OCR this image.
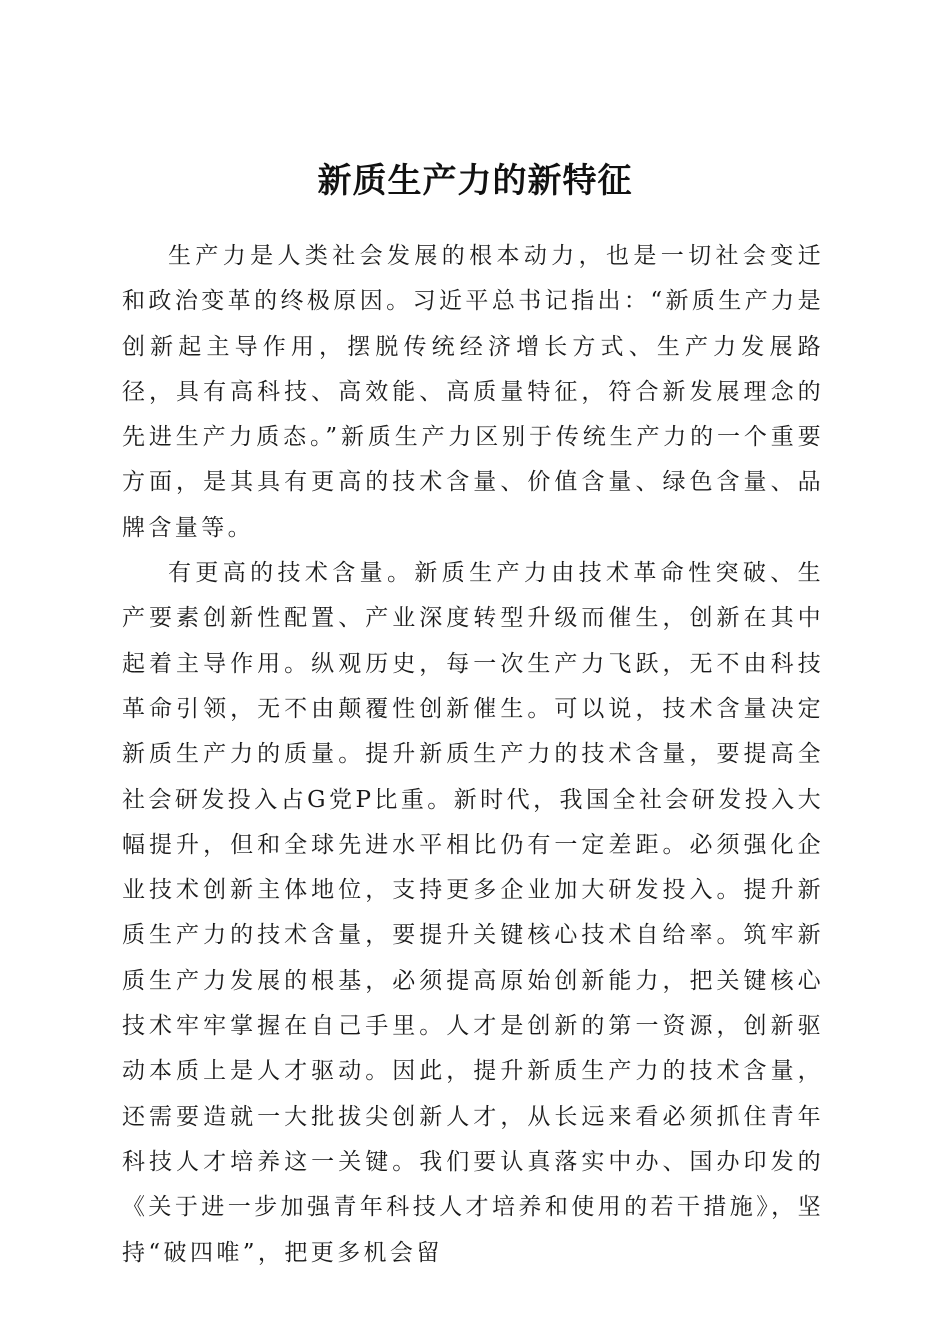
新质生产力的新特征

生产力是人类社会发展的根本动力，也是一切社会变迁和政治变革的终极原因。习近平总书记指出：“新质生产力是创新起主导作用，摆脱传统经济增长方式、生产力发展路径，具有高科技、高效能、高质量特征，符合新发展理念的先进生产力质态。”新质生产力区别于传统生产力的一个重要方面，是其具有更高的技术含量、价值含量、绿色含量、品牌含量等。

有更高的技术含量。新质生产力由技术革命性突破、生产要素创新性配置、产业深度转型升级而催生，创新在其中起着主导作用。纵观历史，每一次生产力飞跃，无不由科技革命引领，无不由颠覆性创新催生。可以说，技术含量决定新质生产力的质量。提升新质生产力的技术含量，要提高全社会研发投入占G党P比重。新时代，我国全社会研发投入大幅提升，但和全球先进水平相比仍有一定差距。必须强化企业技术创新主体地位，支持更多企业加大研发投入。提升新质生产力的技术含量，要提升关键核心技术自给率。筑牢新质生产力发展的根基，必须提高原始创新能力，把关键核心技术牢牢掌握在自己手里。人才是创新的第一资源，创新驱动本质上是人才驱动。因此，提升新质生产力的技术含量，还需要造就一大批拔尖创新人才，从长远来看必须抓住青年科技人才培养这一关键。我们要认真落实中办、国办印发的《关于进一步加强青年科技人才培养和使用的若干措施》，坚持“破四唯”，把更多机会留
